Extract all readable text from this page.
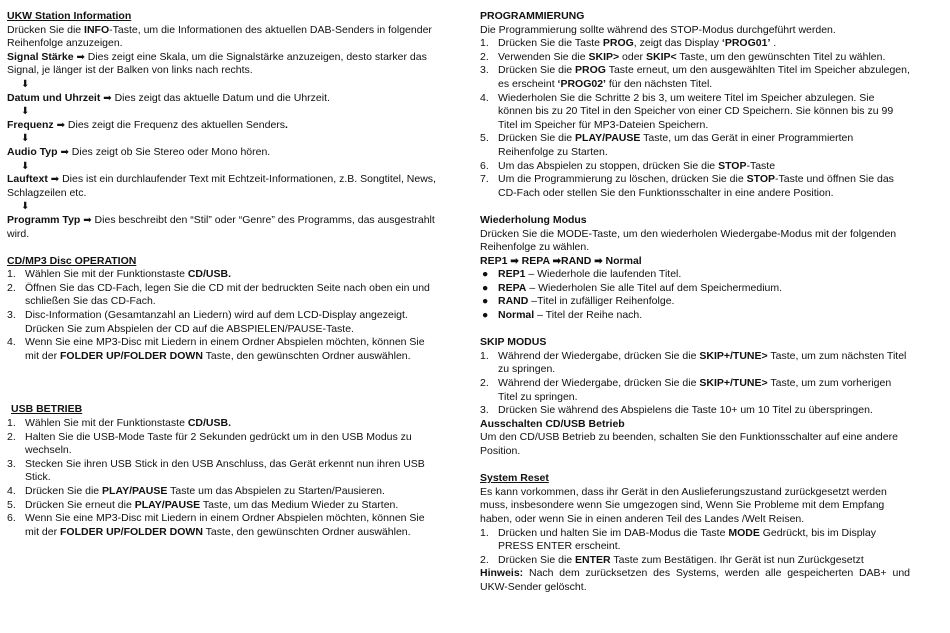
UKW Station Information

Drücken Sie die INFO-Taste, um die Informationen des aktuellen DAB-Senders in folgender Reihenfolge anzuzeigen.

Signal Stärke ➡ Dies zeigt eine Skala, um die Signalstärke anzuzeigen, desto starker das Signal, je länger ist der Balken von links nach rechts.

⬇

Datum und Uhrzeit ➡ Dies zeigt das aktuelle Datum und die Uhrzeit.

⬇

Frequenz ➡ Dies zeigt die Frequenz des aktuellen Senders.

⬇

Audio Typ ➡ Dies zeigt ob Sie Stereo oder Mono hören.

⬇

Lauftext ➡ Dies ist ein durchlaufender Text mit Echtzeit-Informationen, z.B. Songtitel, News, Schlagzeilen etc.

⬇

Programm Typ ➡ Dies beschreibt den “Stil” oder “Genre” des Programms, das ausgestrahlt wird.

CD/MP3 Disc OPERATION

1. Wählen Sie mit der Funktionstaste CD/USB.
2. Öffnen Sie das CD-Fach, legen Sie die CD mit der bedruckten Seite nach oben ein und schließen Sie das CD-Fach.
3. Disc-Information (Gesamtanzahl an Liedern) wird auf dem LCD-Display angezeigt. Drücken Sie zum Abspielen der CD auf die ABSPIELEN/PAUSE-Taste.
4. Wenn Sie eine MP3-Disc mit Liedern in einem Ordner Abspielen möchten, können Sie mit der FOLDER UP/FOLDER DOWN Taste, den gewünschten Ordner auswählen.

USB BETRIEB

1. Wählen Sie mit der Funktionstaste CD/USB.
2. Halten Sie die USB-Mode Taste für 2 Sekunden gedrückt um in den USB Modus zu wechseln.
3. Stecken Sie ihren USB Stick in den USB Anschluss, das Gerät erkennt nun ihren USB Stick.
4. Drücken Sie die PLAY/PAUSE Taste um das Abspielen zu Starten/Pausieren.
5. Drücken Sie erneut die PLAY/PAUSE Taste, um das Medium Wieder zu Starten.
6. Wenn Sie eine MP3-Disc mit Liedern in einem Ordner Abspielen möchten, können Sie mit der FOLDER UP/FOLDER DOWN Taste, den gewünschten Ordner auswählen.

PROGRAMMIERUNG

Die Programmierung sollte während des STOP-Modus durchgeführt werden.

1. Drücken Sie die Taste PROG, zeigt das Display ‘PROG01’ .
2. Verwenden Sie die SKIP> oder SKIP< Taste, um den gewünschten Titel zu wählen.
3. Drücken Sie die PROG Taste erneut, um den ausgewählten Titel im Speicher abzulegen, es erscheint ‘PROG02’ für den nächsten Titel.
4. Wiederholen Sie die Schritte 2 bis 3, um weitere Titel im Speicher abzulegen. Sie können bis zu 20 Titel in den Speicher von einer CD Speichern. Sie können bis zu 99 Titel im Speicher für MP3-Dateien Speichern.
5. Drücken Sie die PLAY/PAUSE Taste, um das Gerät in einer Programmierten Reihenfolge zu Starten.
6. Um das Abspielen zu stoppen, drücken Sie die STOP-Taste
7. Um die Programmierung zu löschen, drücken Sie die STOP-Taste und öffnen Sie das CD-Fach oder stellen Sie den Funktionsschalter in eine andere Position.

Wiederholung Modus

Drücken Sie die MODE-Taste, um den wiederholen Wiedergabe-Modus mit der folgenden Reihenfolge zu wählen.

REP1 ➡ REPA ➡RAND ➡ Normal

● REP1 – Wiederhole die laufenden Titel.
● REPA – Wiederholen Sie alle Titel auf dem Speichermedium.
● RAND –Titel in zufälliger Reihenfolge.
● Normal – Titel der Reihe nach.

SKIP MODUS

1. Während der Wiedergabe, drücken Sie die SKIP+/TUNE> Taste, um zum nächsten Titel zu springen.
2. Während der Wiedergabe, drücken Sie die SKIP+/TUNE> Taste, um zum vorherigen Titel zu springen.
3. Drücken Sie während des Abspielens die Taste 10+ um 10 Titel zu überspringen.

Ausschalten CD/USB Betrieb

Um den CD/USB Betrieb zu beenden, schalten Sie den Funktionsschalter auf eine andere Position.

System Reset

Es kann vorkommen, dass ihr Gerät in den Auslieferungszustand zurückgesetzt werden muss, insbesondere wenn Sie umgezogen sind, Wenn Sie Probleme mit dem Empfang haben, oder wenn Sie in einen anderen Teil des Landes /Welt Reisen.

1. Drücken und halten Sie im DAB-Modus die Taste MODE Gedrückt, bis im Display PRESS ENTER erscheint.
2. Drücken Sie die ENTER Taste zum Bestätigen. Ihr Gerät ist nun Zurückgesetzt

Hinweis: Nach dem zurücksetzen des Systems, werden alle gespeicherten DAB+ und UKW-Sender gelöscht.
